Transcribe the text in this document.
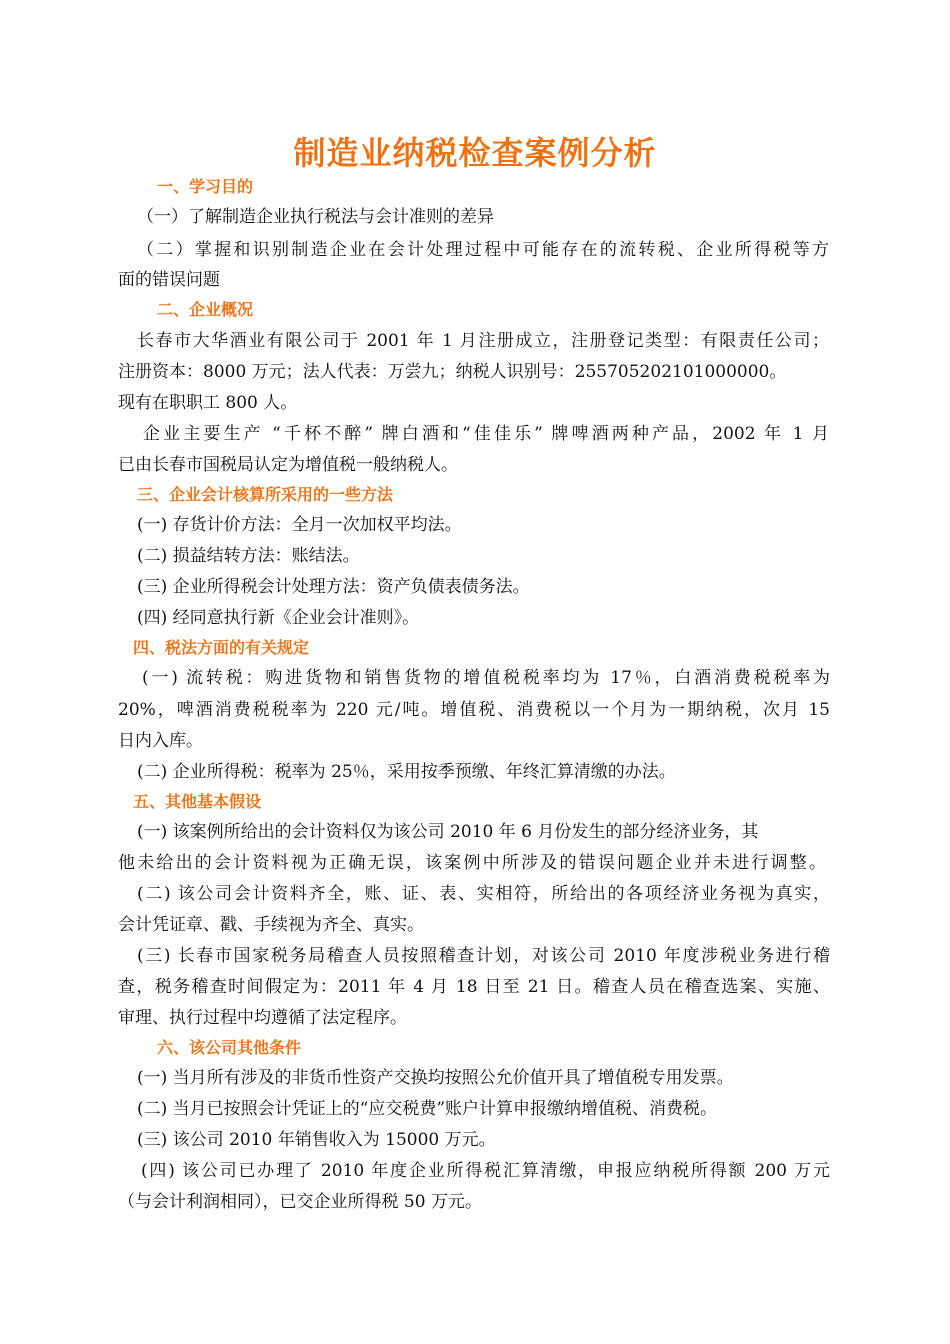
制造业纳税检查案例分析
一、学习目的
（一）了解制造企业执行税法与会计准则的差异
（二）掌握和识别制造企业在会计处理过程中可能存在的流转税、企业所得税等方
面的错误问题
二、企业概况
长春市大华酒业有限公司于 2001 年 1 月注册成立，注册登记类型：有限责任公司；
注册资本：8000 万元；法人代表：万尝九；纳税人识别号：255705202101000000。
现有在职职工 800 人。
企业主要生产 “千杯不醉” 牌白酒和“佳佳乐” 牌啤酒两种产品，2002 年 1 月
已由长春市国税局认定为增值税一般纳税人。
三、企业会计核算所采用的一些方法
(一) 存货计价方法：全月一次加权平均法。
(二) 损益结转方法：账结法。
(三) 企业所得税会计处理方法：资产负债表债务法。
(四) 经同意执行新《企业会计准则》。
四、税法方面的有关规定
(一) 流转税：购进货物和销售货物的增值税税率均为 17％，白酒消费税税率为
20%，啤酒消费税税率为 220 元/吨。增值税、消费税以一个月为一期纳税，次月 15
日内入库。
(二) 企业所得税：税率为 25％，采用按季预缴、年终汇算清缴的办法。
五、其他基本假设
(一) 该案例所给出的会计资料仅为该公司 2010 年 6 月份发生的部分经济业务，其
他未给出的会计资料视为正确无误，该案例中所涉及的错误问题企业并未进行调整。
(二) 该公司会计资料齐全，账、证、表、实相符，所给出的各项经济业务视为真实，
会计凭证章、戳、手续视为齐全、真实。
(三) 长春市国家税务局稽查人员按照稽查计划，对该公司 2010 年度涉税业务进行稽
查，税务稽查时间假定为：2011 年 4 月 18 日至 21 日。稽查人员在稽查选案、实施、
审理、执行过程中均遵循了法定程序。
六、该公司其他条件
(一) 当月所有涉及的非货币性资产交换均按照公允价值开具了增值税专用发票。
(二) 当月已按照会计凭证上的“应交税费”账户计算申报缴纳增值税、消费税。
(三) 该公司 2010 年销售收入为 15000 万元。
(四) 该公司已办理了 2010 年度企业所得税汇算清缴，申报应纳税所得额 200 万元
（与会计利润相同），已交企业所得税 50 万元。
